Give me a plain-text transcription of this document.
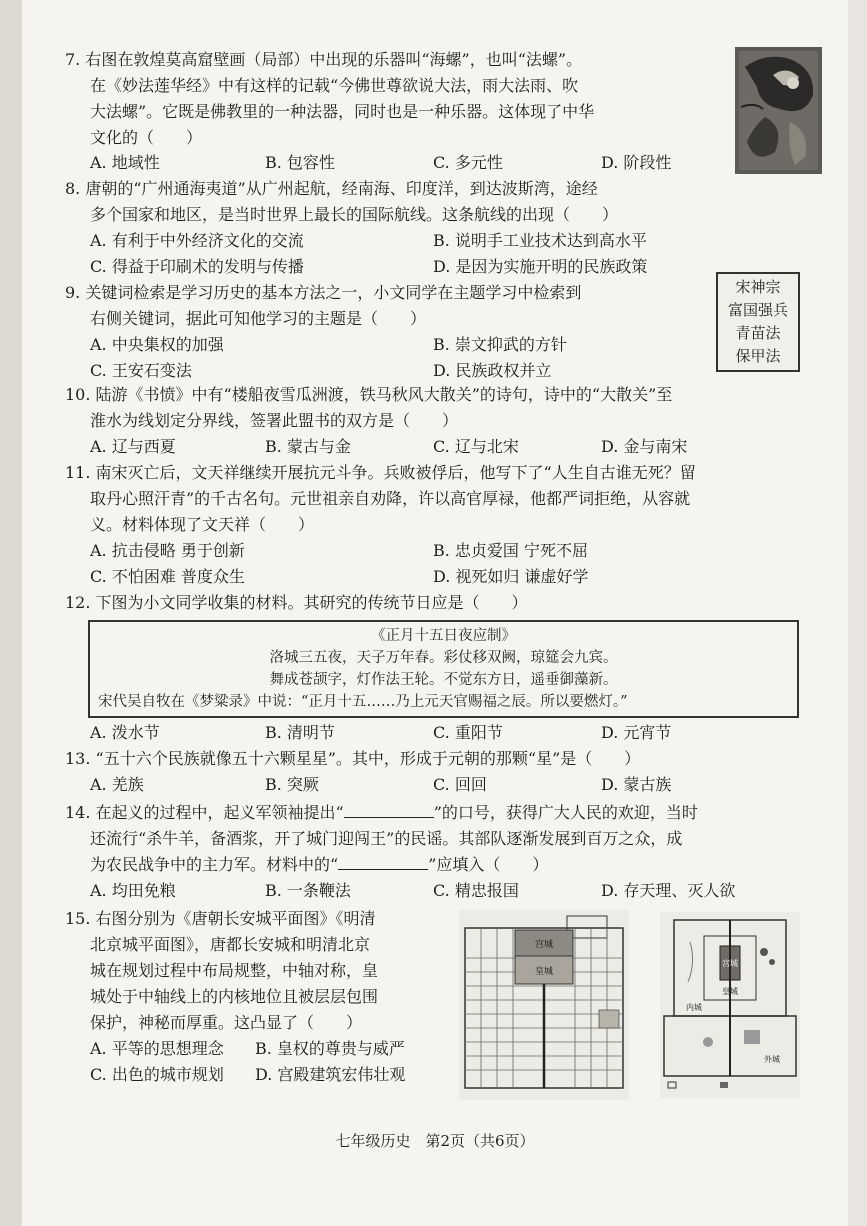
7. 右图在敦煌莫高窟壁画（局部）中出现的乐器叫“海螺”，也叫“法螺”。
在《妙法莲华经》中有这样的记载“今佛世尊欲说大法，雨大法雨、吹
大法螺”。它既是佛教里的一种法器，同时也是一种乐器。这体现了中华
文化的（　　）
A. 地域性	B. 包容性	C. 多元性	D. 阶段性
8. 唐朝的“广州通海夷道”从广州起航，经南海、印度洋，到达波斯湾，途经
多个国家和地区，是当时世界上最长的国际航线。这条航线的出现（　　）
A. 有利于中外经济文化的交流	B. 说明手工业技术达到高水平
C. 得益于印刷术的发明与传播	D. 是因为实施开明的民族政策
9. 关键词检索是学习历史的基本方法之一，小文同学在主题学习中检索到
右侧关键词，据此可知他学习的主题是（　　）
A. 中央集权的加强	B. 崇文抑武的方针
C. 王安石变法	D. 民族政权并立
宋神宗
富国强兵
青苗法
保甲法
10. 陆游《书愤》中有“楼船夜雪瓜洲渡，铁马秋风大散关”的诗句，诗中的“大散关”至
淮水为线划定分界线，签署此盟书的双方是（　　）
A. 辽与西夏	B. 蒙古与金	C. 辽与北宋	D. 金与南宋
11. 南宋灭亡后，文天祥继续开展抗元斗争。兵败被俘后，他写下了“人生自古谁无死？留
取丹心照汗青”的千古名句。元世祖亲自劝降，许以高官厚禄，他都严词拒绝，从容就
义。材料体现了文天祥（　　）
A. 抗击侵略 勇于创新	B. 忠贞爱国 宁死不屈
C. 不怕困难 普度众生	D. 视死如归 谦虚好学
12. 下图为小文同学收集的材料。其研究的传统节日应是（　　）
《正月十五日夜应制》
洛城三五夜，天子万年春。彩仗移双阙，琼筵会九宾。
舞成苍颉字，灯作法王轮。不觉东方日，遥垂御藻新。
宋代吴自牧在《梦粱录》中说：“正月十五……乃上元天官赐福之辰。所以要燃灯。”
A. 泼水节	B. 清明节	C. 重阳节	D. 元宵节
13. “五十六个民族就像五十六颗星星”。其中，形成于元朝的那颗“星”是（　　）
A. 羌族	B. 突厥	C. 回回	D. 蒙古族
14. 在起义的过程中，起义军领袖提出“	”的口号，获得广大人民的欢迎，当时
还流行“杀牛羊，备酒浆，开了城门迎闯王”的民谣。其部队逐渐发展到百万之众，成
为农民战争中的主力军。材料中的“	”应填入（　　）
A. 均田免粮	B. 一条鞭法	C. 精忠报国	D. 存天理、灭人欲
15. 右图分别为《唐朝长安城平面图》《明清
北京城平面图》，唐都长安城和明清北京
城在规划过程中布局规整，中轴对称，皇
城处于中轴线上的内核地位且被层层包围
保护，神秘而厚重。这凸显了（　　）
A. 平等的思想理念 B. 皇权的尊贵与威严
C. 出色的城市规划 D. 宫殿建筑宏伟壮观
宫城
皇城
宫城
皇城
内城
外城
七年级历史　第2页（共6页）
